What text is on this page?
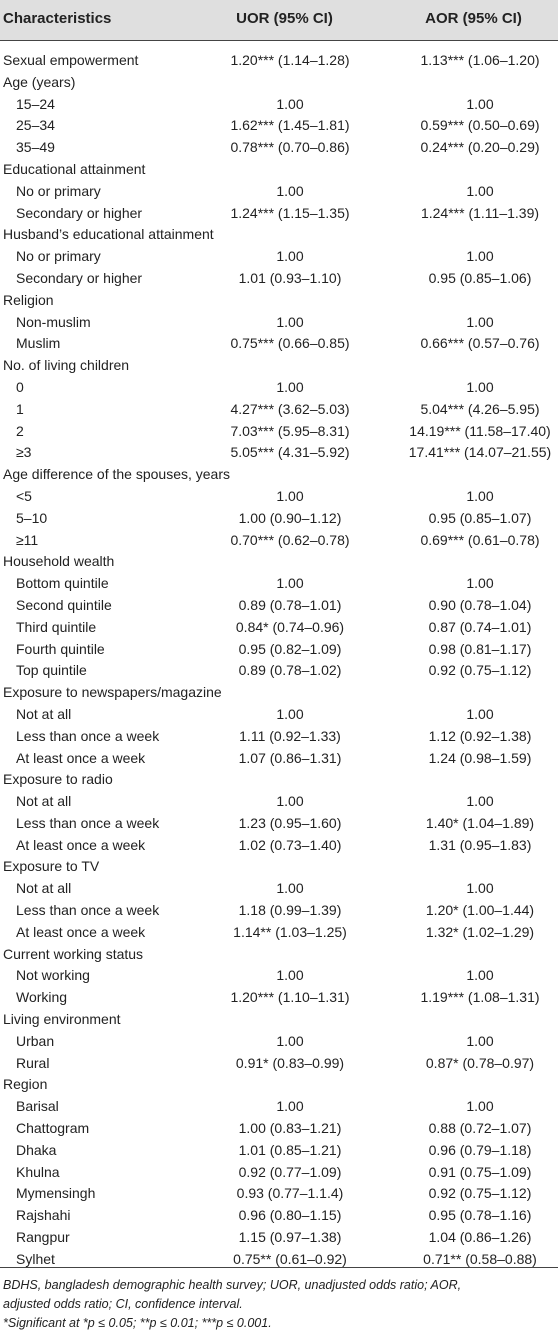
Characteristics	UOR (95% CI)	AOR (95% CI)
Sexual empowerment	1.20*** (1.14–1.28)	1.13*** (1.06–1.20)
Age (years)
15–24	1.00	1.00
25–34	1.62*** (1.45–1.81)	0.59*** (0.50–0.69)
35–49	0.78*** (0.70–0.86)	0.24*** (0.20–0.29)
Educational attainment
No or primary	1.00	1.00
Secondary or higher	1.24*** (1.15–1.35)	1.24*** (1.11–1.39)
Husband’s educational attainment
No or primary	1.00	1.00
Secondary or higher	1.01 (0.93–1.10)	0.95 (0.85–1.06)
Religion
Non-muslim	1.00	1.00
Muslim	0.75*** (0.66–0.85)	0.66*** (0.57–0.76)
No. of living children
0	1.00	1.00
1	4.27*** (3.62–5.03)	5.04*** (4.26–5.95)
2	7.03*** (5.95–8.31)	14.19*** (11.58–17.40)
≥3	5.05*** (4.31–5.92)	17.41*** (14.07–21.55)
Age difference of the spouses, years
<5	1.00	1.00
5–10	1.00 (0.90–1.12)	0.95 (0.85–1.07)
≥11	0.70*** (0.62–0.78)	0.69*** (0.61–0.78)
Household wealth
Bottom quintile	1.00	1.00
Second quintile	0.89 (0.78–1.01)	0.90 (0.78–1.04)
Third quintile	0.84* (0.74–0.96)	0.87 (0.74–1.01)
Fourth quintile	0.95 (0.82–1.09)	0.98 (0.81–1.17)
Top quintile	0.89 (0.78–1.02)	0.92 (0.75–1.12)
Exposure to newspapers/magazine
Not at all	1.00	1.00
Less than once a week	1.11 (0.92–1.33)	1.12 (0.92–1.38)
At least once a week	1.07 (0.86–1.31)	1.24 (0.98–1.59)
Exposure to radio
Not at all	1.00	1.00
Less than once a week	1.23 (0.95–1.60)	1.40* (1.04–1.89)
At least once a week	1.02 (0.73–1.40)	1.31 (0.95–1.83)
Exposure to TV
Not at all	1.00	1.00
Less than once a week	1.18 (0.99–1.39)	1.20* (1.00–1.44)
At least once a week	1.14** (1.03–1.25)	1.32* (1.02–1.29)
Current working status
Not working	1.00	1.00
Working	1.20*** (1.10–1.31)	1.19*** (1.08–1.31)
Living environment
Urban	1.00	1.00
Rural	0.91* (0.83–0.99)	0.87* (0.78–0.97)
Region
Barisal	1.00	1.00
Chattogram	1.00 (0.83–1.21)	0.88 (0.72–1.07)
Dhaka	1.01 (0.85–1.21)	0.96 (0.79–1.18)
Khulna	0.92 (0.77–1.09)	0.91 (0.75–1.09)
Mymensingh	0.93 (0.77–1.1.4)	0.92 (0.75–1.12)
Rajshahi	0.96 (0.80–1.15)	0.95 (0.78–1.16)
Rangpur	1.15 (0.97–1.38)	1.04 (0.86–1.26)
Sylhet	0.75** (0.61–0.92)	0.71** (0.58–0.88)
BDHS, bangladesh demographic health survey; UOR, unadjusted odds ratio; AOR,
adjusted odds ratio; CI, confidence interval.
*Significant at *p ≤ 0.05; **p ≤ 0.01; ***p ≤ 0.001.
